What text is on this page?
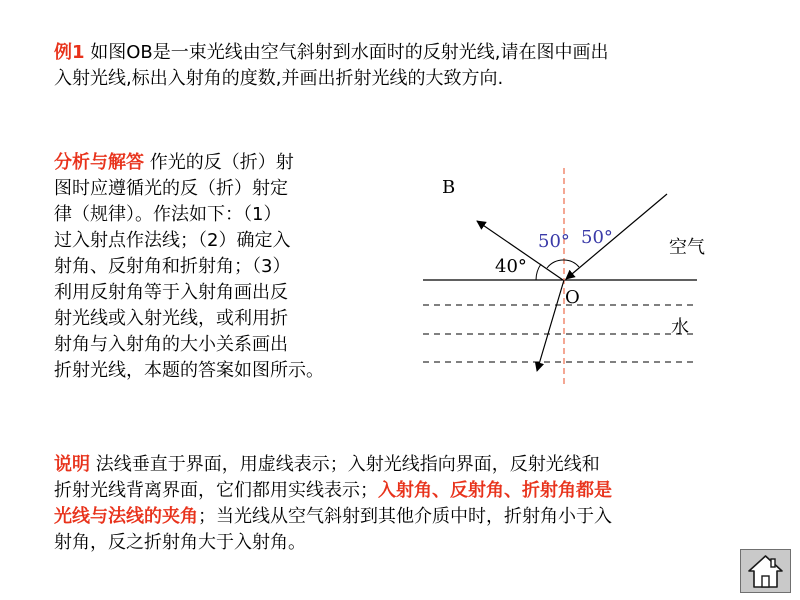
例1 如图OB是一束光线由空气斜射到水面时的反射光线,请在图中画出
入射光线,标出入射角的度数,并画出折射光线的大致方向.
分析与解答 作光的反（折）射
图时应遵循光的反（折）射定
律（规律）。作法如下：（1）
过入射点作法线；（2）确定入
射角、反射角和折射角；（3）
利用反射角等于入射角画出反
射光线或入射光线，或利用折
射角与入射角的大小关系画出
折射光线，本题的答案如图所示。
B
O
40°
50° 50°	空气
水
说明 法线垂直于界面，用虚线表示；入射光线指向界面，反射光线和
折射光线背离界面，它们都用实线表示；入射角、反射角、折射角都是
光线与法线的夹角；当光线从空气斜射到其他介质中时，折射角小于入
射角，反之折射角大于入射角。
